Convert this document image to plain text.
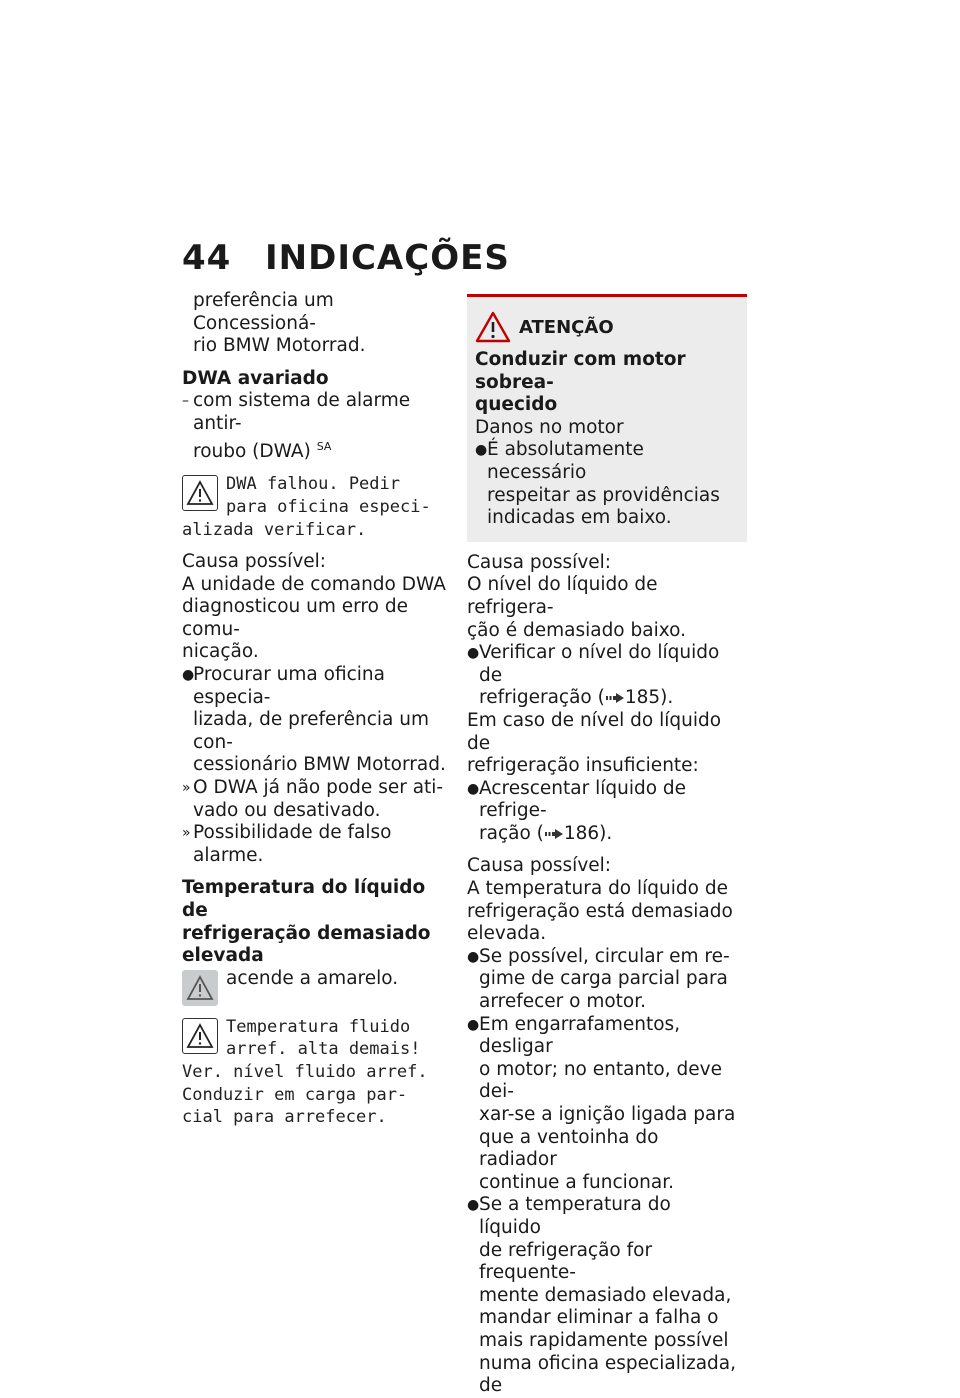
44 INDICAÇÕES
preferência um Concessioná-
rio BMW Motorrad.
DWA avariado
– com sistema de alarme antir-
roubo (DWA) $^{SA}$
DWA falhou. Pedir
para oficina especi-
alizada verificar.
Causa possível:
A unidade de comando DWA
diagnosticou um erro de comu-
nicação.
●
Procurar uma oficina especia-
lizada, de preferência um con-
cessionário BMW Motorrad.
» O DWA já não pode ser ati-
vado ou desativado.
» Possibilidade de falso alarme.
Temperatura do líquido de
refrigeração demasiado
elevada
acende a amarelo.
Temperatura fluido
arref. alta demais!
Ver. nível fluido arref.
Conduzir em carga par-
cial para arrefecer.
ATENÇÃO
Conduzir com motor sobrea-
quecido
Danos no motor
● É absolutamente necessário
respeitar as providências
indicadas em baixo.
Causa possível:
O nível do líquido de refrigera-
ção é demasiado baixo.
● Verificar o nível do líquido de
refrigeração ( 185).
Em caso de nível do líquido de
refrigeração insuficiente:
● Acrescentar líquido de refrige-
ração ( 186).
Causa possível:
A temperatura do líquido de
refrigeração está demasiado
elevada.
● Se possível, circular em re-
gime de carga parcial para
arrefecer o motor.
● Em engarrafamentos, desligar
o motor; no entanto, deve dei-
xar-se a ignição ligada para
que a ventoinha do radiador
continue a funcionar.
● Se a temperatura do líquido
de refrigeração for frequente-
mente demasiado elevada,
mandar eliminar a falha o
mais rapidamente possível
numa oficina especializada, de
